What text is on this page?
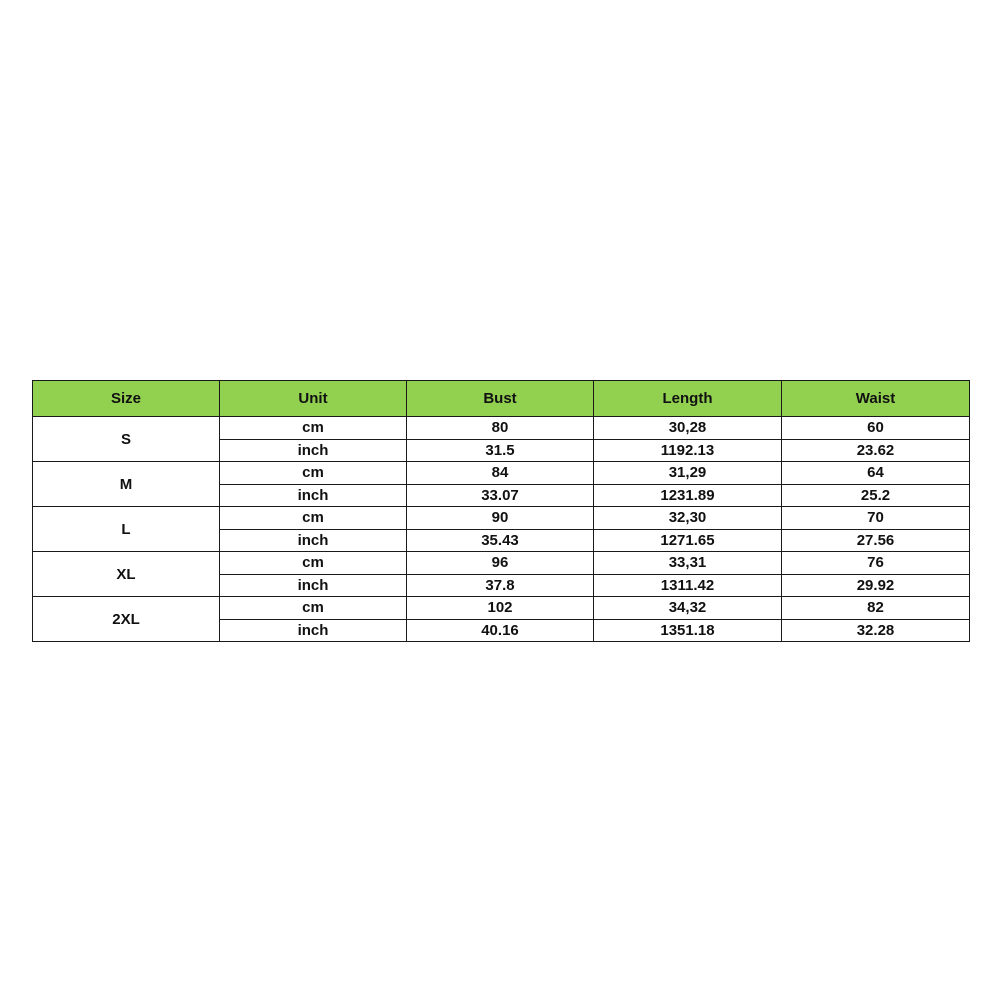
Size	Unit	Bust	Length	Waist
S	cm	80	30,28	60
	inch	31.5	1192.13	23.62
M	cm	84	31,29	64
	inch	33.07	1231.89	25.2
L	cm	90	32,30	70
	inch	35.43	1271.65	27.56
XL	cm	96	33,31	76
	inch	37.8	1311.42	29.92
2XL	cm	102	34,32	82
	inch	40.16	1351.18	32.28
